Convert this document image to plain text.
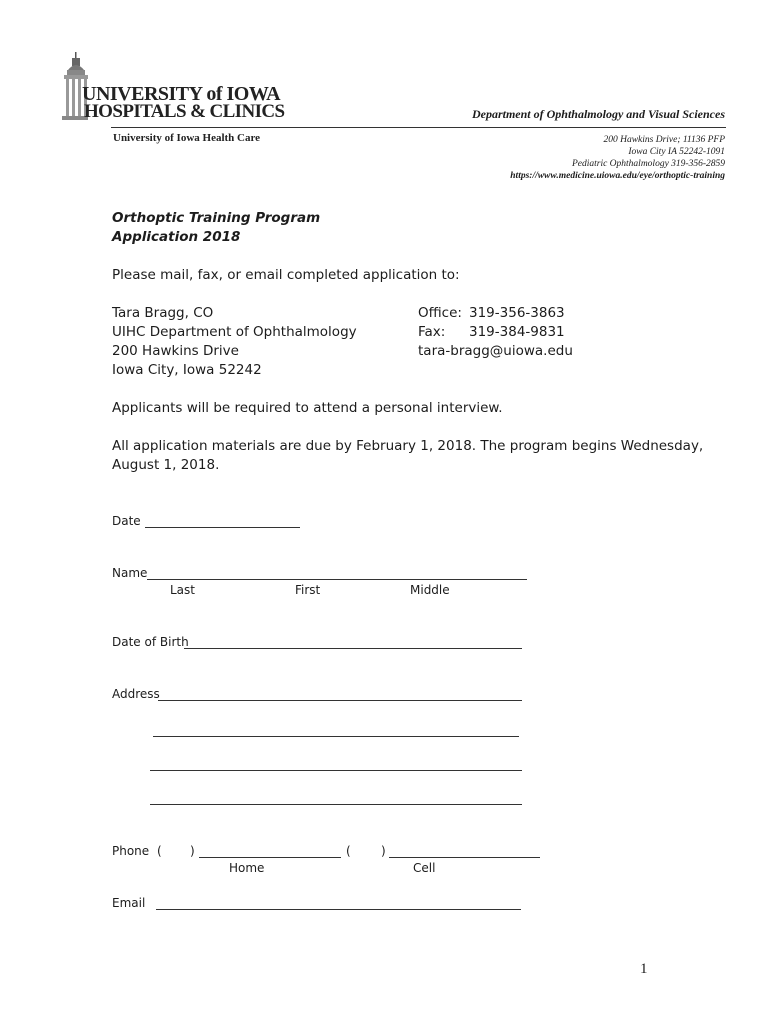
UNIVERSITY of IOWA
HOSPITALS & CLINICS
University of Iowa Health Care
Department of Ophthalmology and Visual Sciences
200 Hawkins Drive; 11136 PFP
Iowa City IA 52242-1091
Pediatric Ophthalmology 319-356-2859
https://www.medicine.uiowa.edu/eye/orthoptic-training
Orthoptic Training Program
Application 2018
Please mail, fax, or email completed application to:
Tara Bragg, CO
UIHC Department of Ophthalmology
200 Hawkins Drive
Iowa City, Iowa 52242
Office: 319-356-3863
Fax: 319-384-9831
tara-bragg@uiowa.edu
Applicants will be required to attend a personal interview.
All application materials are due by February 1, 2018. The program begins Wednesday,
August 1, 2018.
Date
Name
Last	First	Middle
Date of Birth
Address
Phone ( )	(	)
Home	Cell
Email
1
